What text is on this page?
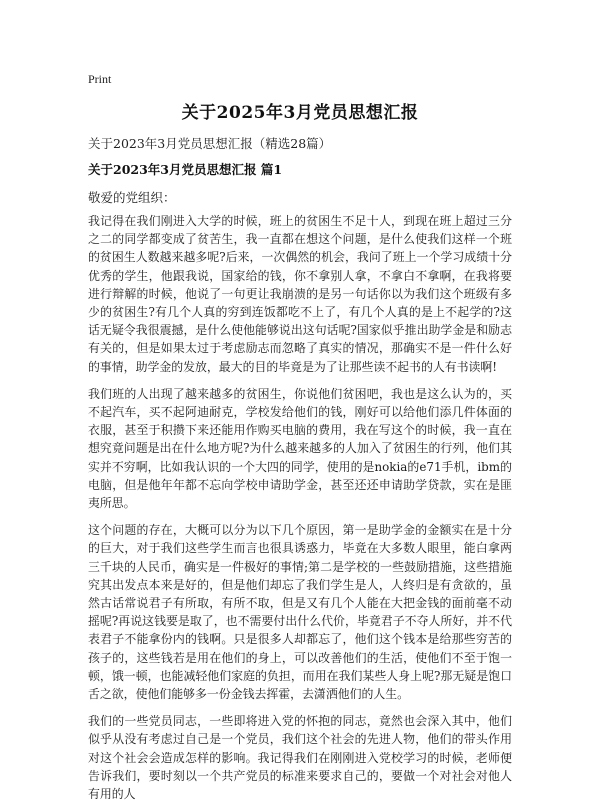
Print
关于2025年3月党员思想汇报
关于2023年3月党员思想汇报（精选28篇）
关于2023年3月党员思想汇报 篇1
敬爱的党组织：

我记得在我们刚进入大学的时候，班上的贫困生不足十人，到现在班上超过三分之二的同学都变成了贫苦生，我一直都在想这个问题，是什么使我们这样一个班的贫困生人数越来越多呢?后来，一次偶然的机会，我问了班上一个学习成绩十分优秀的学生，他跟我说，国家给的钱，你不拿别人拿，不拿白不拿啊，在我将要进行辩解的时候，他说了一句更让我崩溃的是另一句话你以为我们这个班级有多少的贫困生?有几个人真的穷到连饭都吃不上了，有几个人真的是上不起学的?这话无疑令我很震撼，是什么使他能够说出这句话呢?国家似乎推出助学金是和励志有关的，但是如果太过于考虑励志而忽略了真实的情况，那确实不是一件什么好的事情，助学金的发放，最大的目的毕竟是为了让那些读不起书的人有书读啊!

我们班的人出现了越来越多的贫困生，你说他们贫困吧，我也是这么认为的，买不起汽车，买不起阿迪耐克，学校发给他们的钱，刚好可以给他们添几件体面的衣服，甚至于积攒下来还能用作购买电脑的费用，我在写这个的时候，我一直在想究竟问题是出在什么地方呢?为什么越来越多的人加入了贫困生的行列，他们其实并不穷啊，比如我认识的一个大四的同学，使用的是nokia的e71手机，ibm的电脑，但是他年年都不忘向学校申请助学金，甚至还还申请助学贷款，实在是匪夷所思。

这个问题的存在，大概可以分为以下几个原因，第一是助学金的金额实在是十分的巨大，对于我们这些学生而言也很具诱惑力，毕竟在大多数人眼里，能白拿两三千块的人民币，确实是一件极好的事情;第二是学校的一些鼓励措施，这些措施究其出发点本来是好的，但是他们却忘了我们学生是人，人终归是有贪欲的，虽然古话常说君子有所取，有所不取，但是又有几个人能在大把金钱的面前毫不动摇呢?再说这钱要是取了，也不需要付出什么代价，毕竟君子不夺人所好，并不代表君子不能拿份内的钱啊。只是很多人却都忘了，他们这个钱本是给那些穷苦的孩子的，这些钱若是用在他们的身上，可以改善他们的生活，使他们不至于饱一顿，饿一顿，也能减轻他们家庭的负担，而用在我们某些人身上呢?那无疑是饱口舌之欲，使他们能够多一份金钱去挥霍，去潇洒他们的人生。

我们的一些党员同志，一些即将进入党的怀抱的同志，竟然也会深入其中，他们似乎从没有考虑过自己是一个党员，我们这个社会的先进人物，他们的带头作用对这个社会会造成怎样的影响。我记得我们在刚刚进入党校学习的时候，老师便告诉我们，要时刻以一个共产党员的标准来要求自己的，要做一个对社会对他人有用的人
